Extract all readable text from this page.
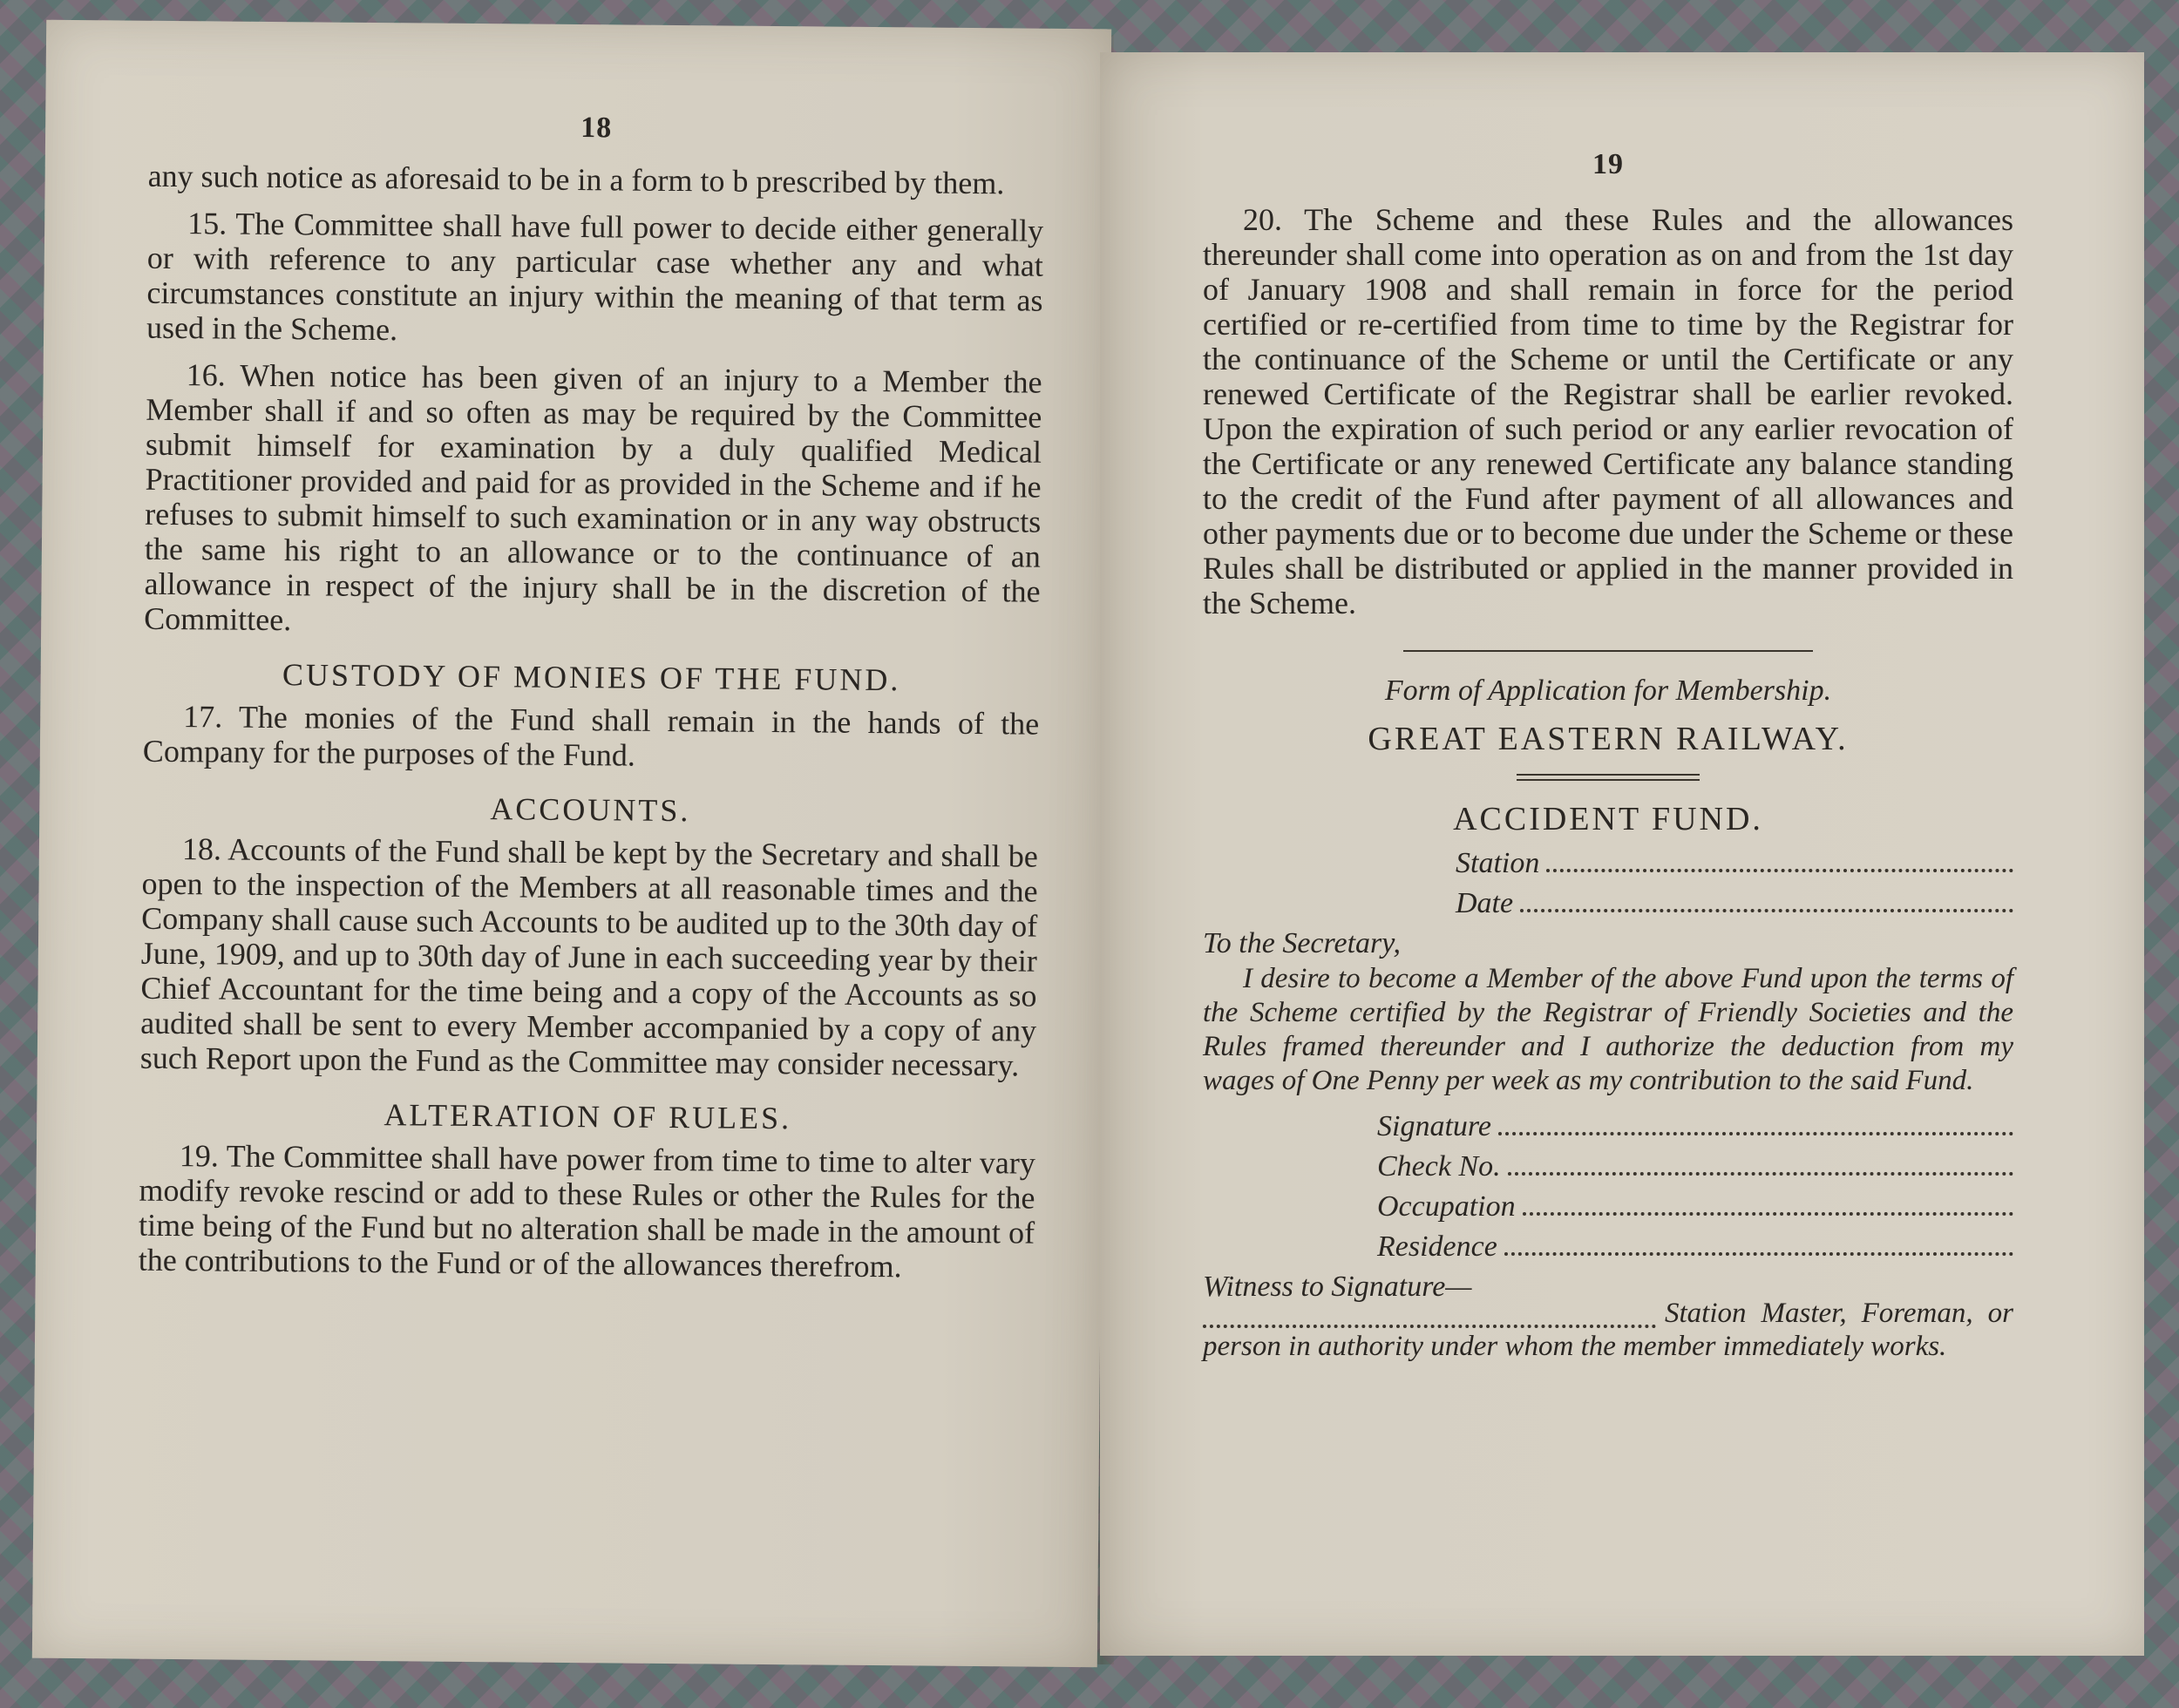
18

any such notice as aforesaid to be in a form to b prescribed by them.

15. The Committee shall have full power to decide either generally or with reference to any particular case whether any and what circumstances constitute an injury within the meaning of that term as used in the Scheme.

16. When notice has been given of an injury to a Member the Member shall if and so often as may be required by the Committee submit himself for examination by a duly qualified Medical Practitioner provided and paid for as provided in the Scheme and if he refuses to submit himself to such examination or in any way obstructs the same his right to an allowance or to the continuance of an allowance in respect of the injury shall be in the discretion of the Committee.

CUSTODY OF MONIES OF THE FUND.

17. The monies of the Fund shall remain in the hands of the Company for the purposes of the Fund.

ACCOUNTS.

18. Accounts of the Fund shall be kept by the Secretary and shall be open to the inspection of the Members at all reasonable times and the Company shall cause such Accounts to be audited up to the 30th day of June, 1909, and up to 30th day of June in each succeeding year by their Chief Accountant for the time being and a copy of the Accounts as so audited shall be sent to every Member accompanied by a copy of any such Report upon the Fund as the Committee may consider necessary.

ALTERATION OF RULES.

19. The Committee shall have power from time to time to alter vary modify revoke rescind or add to these Rules or other the Rules for the time being of the Fund but no alteration shall be made in the amount of the contributions to the Fund or of the allowances therefrom.

19

20. The Scheme and these Rules and the allowances thereunder shall come into operation as on and from the 1st day of January 1908 and shall remain in force for the period certified or re-certified from time to time by the Registrar for the continuance of the Scheme or until the Certificate or any renewed Certificate of the Registrar shall be earlier revoked. Upon the expiration of such period or any earlier revocation of the Certificate or any renewed Certificate any balance standing to the credit of the Fund after payment of all allowances and other payments due or to become due under the Scheme or these Rules shall be distributed or applied in the manner provided in the Scheme.

Form of Application for Membership.
GREAT EASTERN RAILWAY.
ACCIDENT FUND.
Station
Date
To the Secretary,

I desire to become a Member of the above Fund upon the terms of the Scheme certified by the Registrar of Friendly Societies and the Rules framed thereunder and I authorize the deduction from my wages of One Penny per week as my contribution to the said Fund.

Signature
Check No.
Occupation
Residence
Witness to Signature—

Station Master, Foreman, or person in authority under whom the member immediately works.
